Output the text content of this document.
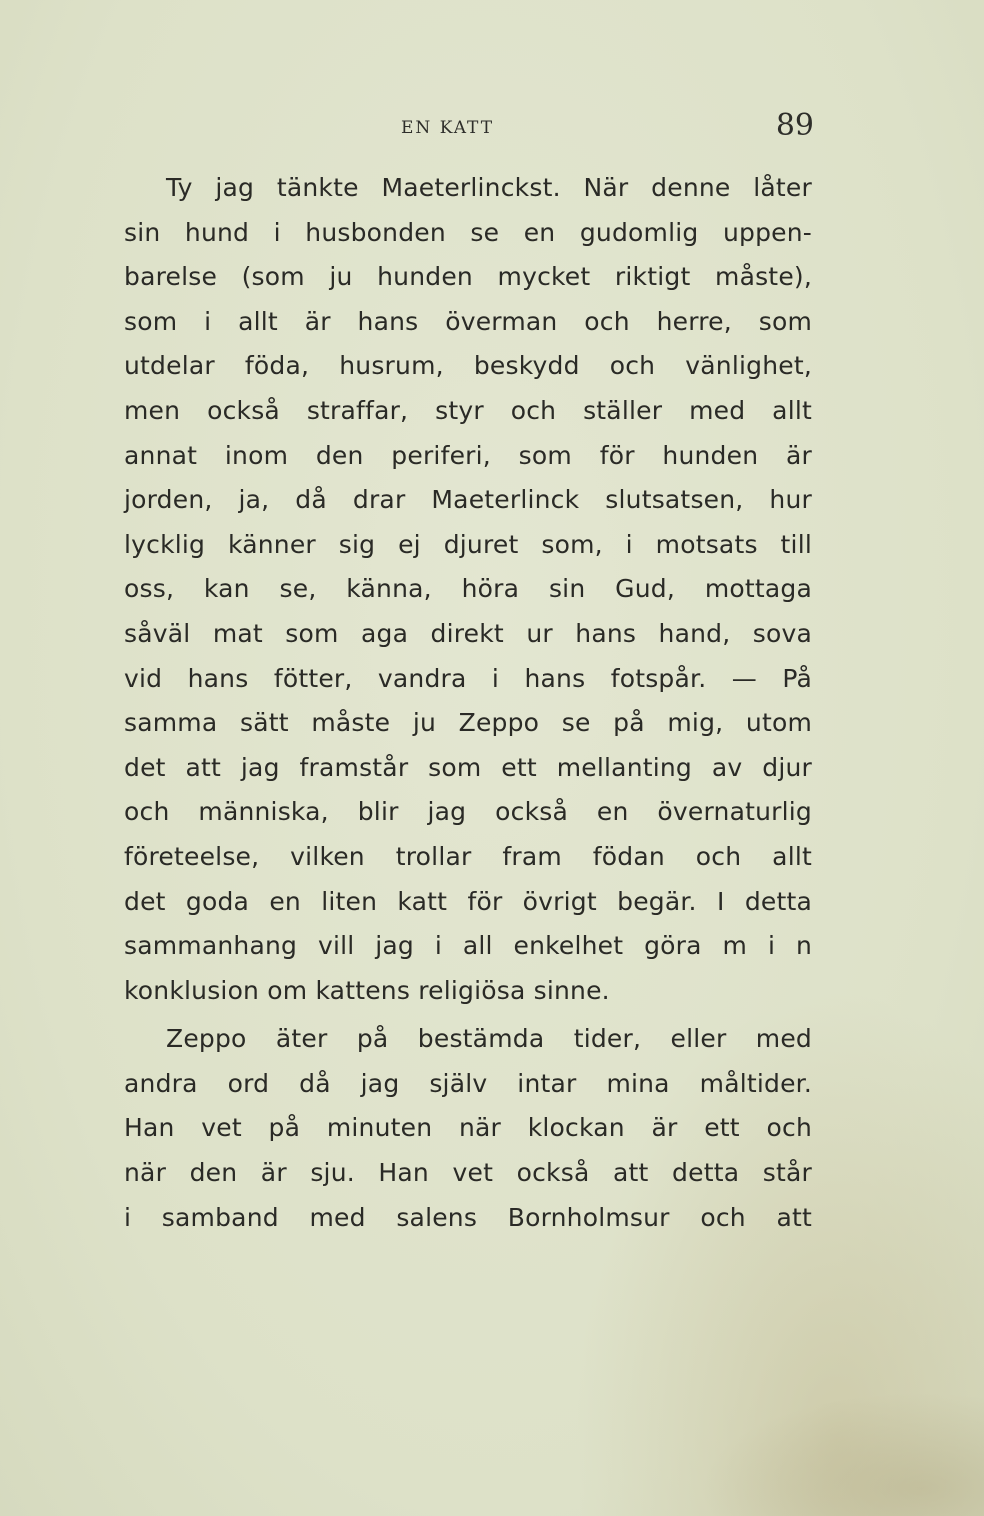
EN KATT	89
Ty jag tänkte Maeterlinckst. När denne låter
sin hund i husbonden se en gudomlig uppen-
barelse (som ju hunden mycket riktigt måste),
som i allt är hans överman och herre, som
utdelar föda, husrum, beskydd och vänlighet,
men också straffar, styr och ställer med allt
annat inom den periferi, som för hunden är
jorden, ja, då drar Maeterlinck slutsatsen, hur
lycklig känner sig ej djuret som, i motsats till
oss, kan se, känna, höra sin Gud, mottaga
såväl mat som aga direkt ur hans hand, sova
vid hans fötter, vandra i hans fotspår. — På
samma sätt måste ju Zeppo se på mig, utom
det att jag framstår som ett mellanting av djur
och människa, blir jag också en övernaturlig
företeelse, vilken trollar fram födan och allt
det goda en liten katt för övrigt begär. I detta
sammanhang vill jag i all enkelhet göra m i n
konklusion om kattens religiösa sinne.
Zeppo äter på bestämda tider, eller med
andra ord då jag själv intar mina måltider.
Han vet på minuten när klockan är ett och
när den är sju. Han vet också att detta står
i samband med salens Bornholmsur och att
